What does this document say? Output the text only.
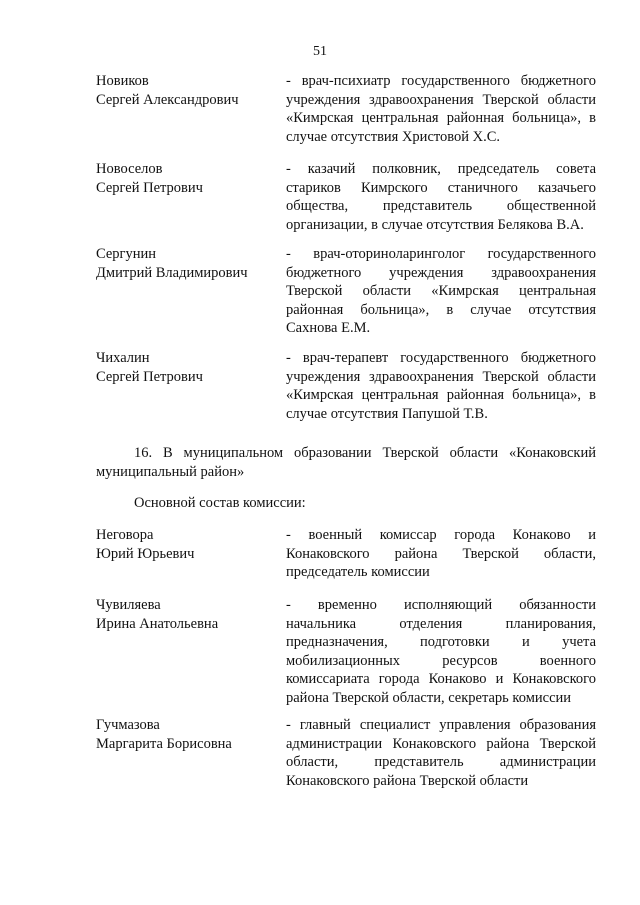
51
Новиков
Сергей Александрович
- врач-психиатр государственного бюджетного учреждения здравоохранения Тверской области «Кимрская центральная районная больница», в случае отсутствия Христовой Х.С.
Новоселов
Сергей Петрович
- казачий полковник, председатель совета стариков Кимрского станичного казачьего общества, представитель общественной организации, в случае отсутствия Белякова В.А.
Сергунин
Дмитрий Владимирович
- врач-оториноларинголог государственного бюджетного учреждения здравоохранения Тверской области «Кимрская центральная районная больница», в случае отсутствия Сахнова Е.М.
Чихалин
Сергей Петрович
- врач-терапевт государственного бюджетного учреждения здравоохранения Тверской области «Кимрская центральная районная больница», в случае отсутствия Папушой Т.В.
16. В муниципальном образовании Тверской области «Конаковский муниципальный район»
Основной состав комиссии:
Неговора
Юрий Юрьевич
- военный комиссар города Конаково и Конаковского района Тверской области, председатель комиссии
Чувиляева
Ирина Анатольевна
- временно исполняющий обязанности начальника отделения планирования, предназначения, подготовки и учета мобилизационных ресурсов военного комиссариата города Конаково и Конаковского района Тверской области, секретарь комиссии
Гучмазова
Маргарита Борисовна
- главный специалист управления образования администрации Конаковского района Тверской области, представитель администрации Конаковского района Тверской области
